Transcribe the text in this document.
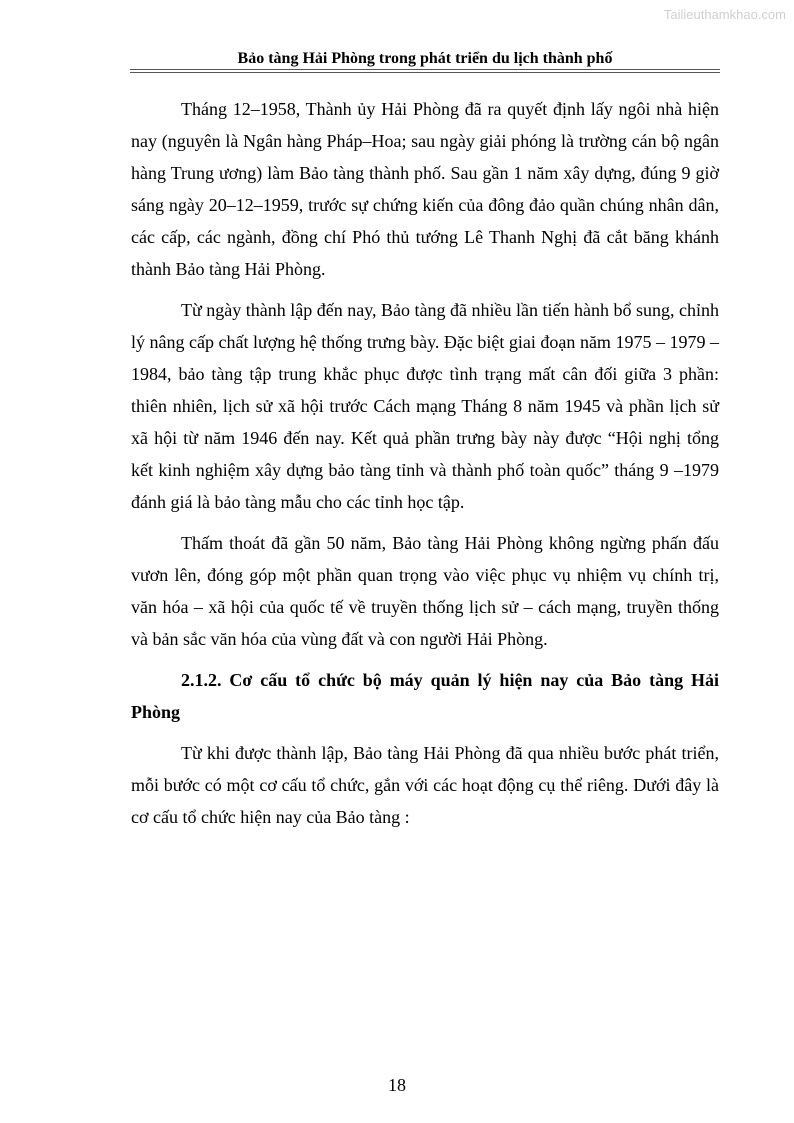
Tailieuthamkhao.com
Bảo tàng Hải Phòng trong phát triển du lịch thành phố

Tháng 12–1958, Thành ủy Hải Phòng đã ra quyết định lấy ngôi nhà hiện nay (nguyên là Ngân hàng Pháp–Hoa; sau ngày giải phóng là trường cán bộ ngân hàng Trung ương) làm Bảo tàng thành phố. Sau gần 1 năm xây dựng, đúng 9 giờ sáng ngày 20–12–1959, trước sự chứng kiến của đông đảo quần chúng nhân dân, các cấp, các ngành, đồng chí Phó thủ tướng Lê Thanh Nghị đã cắt băng khánh thành Bảo tàng Hải Phòng.

Từ ngày thành lập đến nay, Bảo tàng đã nhiều lần tiến hành bổ sung, chỉnh lý nâng cấp chất lượng hệ thống trưng bày. Đặc biệt giai đoạn năm 1975 – 1979 – 1984, bảo tàng tập trung khắc phục được tình trạng mất cân đối giữa 3 phần: thiên nhiên, lịch sử xã hội trước Cách mạng Tháng 8 năm 1945 và phần lịch sử xã hội từ năm 1946 đến nay. Kết quả phần trưng bày này được “Hội nghị tổng kết kinh nghiệm xây dựng bảo tàng tỉnh và thành phố toàn quốc” tháng 9 –1979 đánh giá là bảo tàng mẫu cho các tỉnh học tập.

Thấm thoát đã gần 50 năm, Bảo tàng Hải Phòng không ngừng phấn đấu vươn lên, đóng góp một phần quan trọng vào việc phục vụ nhiệm vụ chính trị, văn hóa – xã hội của quốc tế về truyền thống lịch sử – cách mạng, truyền thống và bản sắc văn hóa của vùng đất và con người Hải Phòng.

2.1.2. Cơ cấu tổ chức bộ máy quản lý hiện nay của Bảo tàng Hải Phòng

Từ khi được thành lập, Bảo tàng Hải Phòng đã qua nhiều bước phát triển, mỗi bước có một cơ cấu tổ chức, gắn với các hoạt động cụ thể riêng. Dưới đây là cơ cấu tổ chức hiện nay của Bảo tàng :

18
